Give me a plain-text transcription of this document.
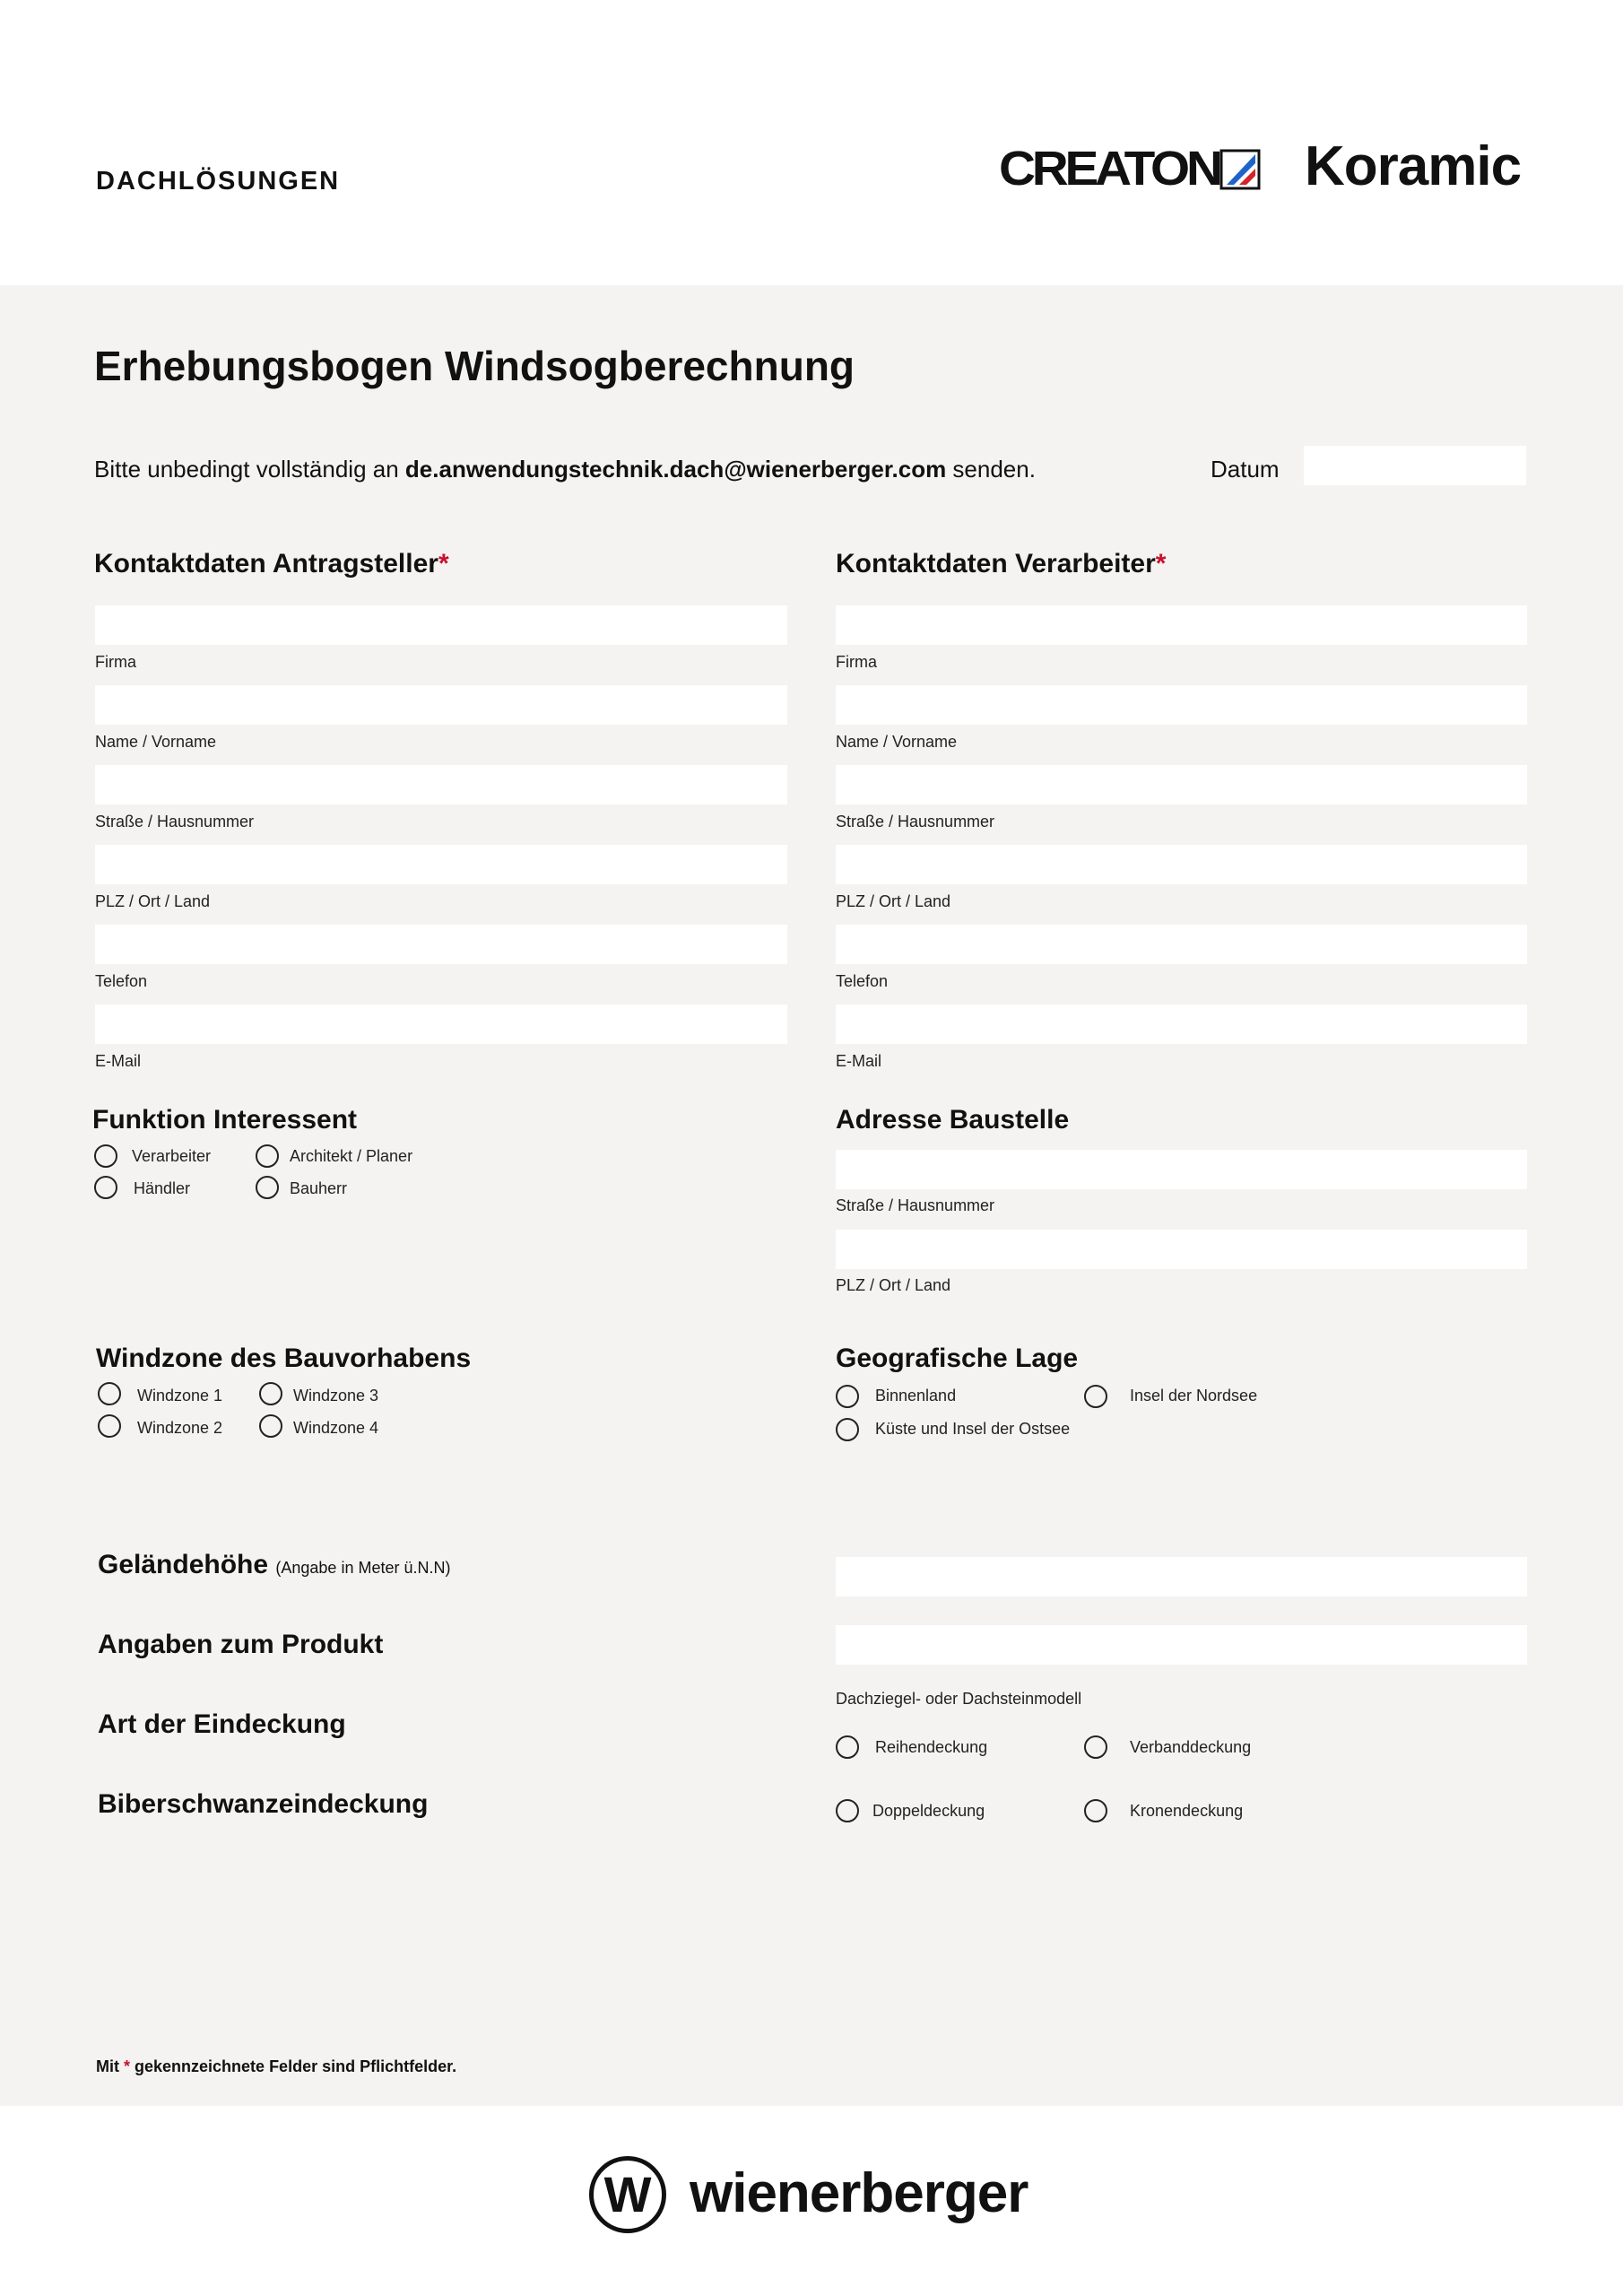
DACHLÖSUNGEN	CREATON Koramic
Erhebungsbogen Windsogberechnung
Bitte unbedingt vollständig an de.anwendungstechnik.dach@wienerberger.com senden.	Datum
Kontaktdaten Antragsteller*
Firma
Name / Vorname
Straße / Hausnummer
PLZ / Ort / Land
Telefon
E-Mail
Kontaktdaten Verarbeiter*
Firma
Name / Vorname
Straße / Hausnummer
PLZ / Ort / Land
Telefon
E-Mail
Funktion Interessent
Verarbeiter	Architekt / Planer
Händler	Bauherr
Adresse Baustelle
Straße / Hausnummer
PLZ / Ort / Land
Windzone des Bauvorhabens
Windzone 1	Windzone 3
Windzone 2	Windzone 4
Geografische Lage
Binnenland	Insel der Nordsee
Küste und Insel der Ostsee
Geländehöhe (Angabe in Meter ü.N.N)
Angaben zum Produkt
Dachziegel- oder Dachsteinmodell
Art der Eindeckung
Reihendeckung	Verbanddeckung
Biberschwanzeindeckung	Doppeldeckung	Kronendeckung
Mit * gekennzeichnete Felder sind Pflichtfelder.
W wienerberger
